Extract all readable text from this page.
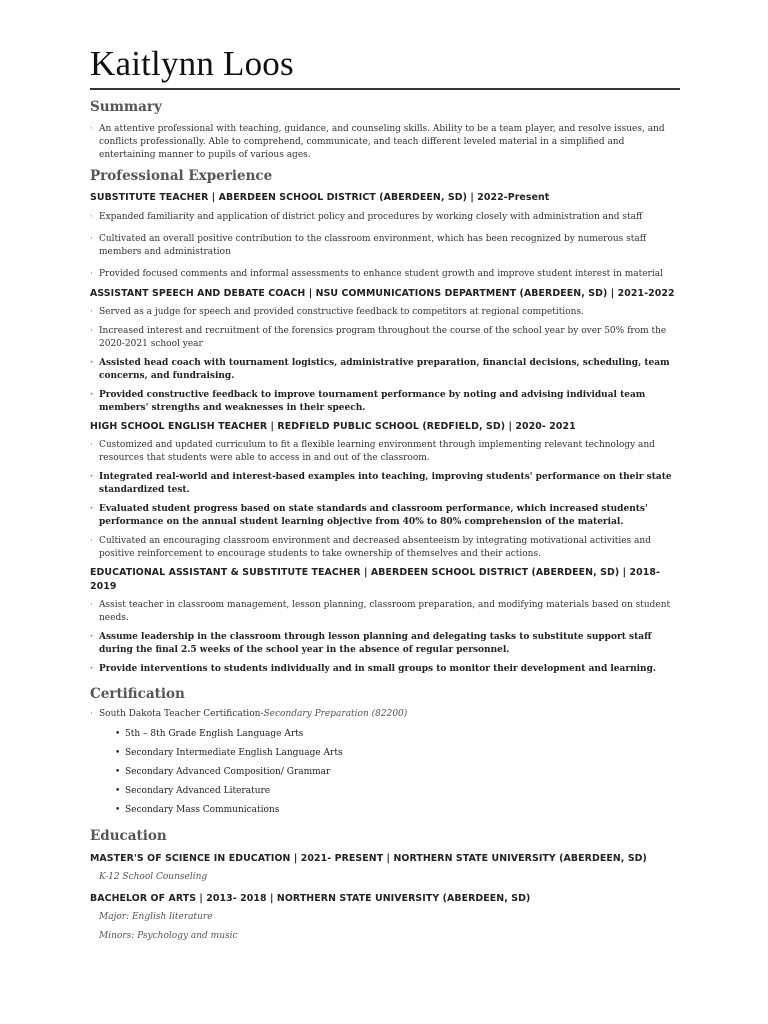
Kaitlynn Loos
Summary
· An attentive professional with teaching, guidance, and counseling skills. Ability to be a team player, and resolve issues, and conflicts professionally. Able to comprehend, communicate, and teach different leveled material in a simplified and entertaining manner to pupils of various ages.
Professional Experience
SUBSTITUTE TEACHER | ABERDEEN SCHOOL DISTRICT (ABERDEEN, SD) | 2022-Present
· Expanded familiarity and application of district policy and procedures by working closely with administration and staff
· Cultivated an overall positive contribution to the classroom environment, which has been recognized by numerous staff members and administration
· Provided focused comments and informal assessments to enhance student growth and improve student interest in material
ASSISTANT SPEECH AND DEBATE COACH | NSU COMMUNICATIONS DEPARTMENT (ABERDEEN, SD) | 2021-2022
· Served as a judge for speech and provided constructive feedback to competitors at regional competitions.
· Increased interest and recruitment of the forensics program throughout the course of the school year by over 50% from the 2020-2021 school year
· Assisted head coach with tournament logistics, administrative preparation, financial decisions, scheduling, team concerns, and fundraising.
· Provided constructive feedback to improve tournament performance by noting and advising individual team members' strengths and weaknesses in their speech.
HIGH SCHOOL ENGLISH TEACHER | REDFIELD PUBLIC SCHOOL (REDFIELD, SD) | 2020- 2021
· Customized and updated curriculum to fit a flexible learning environment through implementing relevant technology and resources that students were able to access in and out of the classroom.
· Integrated real-world and interest-based examples into teaching, improving students' performance on their state standardized test.
· Evaluated student progress based on state standards and classroom performance, which increased students' performance on the annual student learning objective from 40% to 80% comprehension of the material.
· Cultivated an encouraging classroom environment and decreased absenteeism by integrating motivational activities and positive reinforcement to encourage students to take ownership of themselves and their actions.
EDUCATIONAL ASSISTANT & SUBSTITUTE TEACHER | ABERDEEN SCHOOL DISTRICT (ABERDEEN, SD) | 2018- 2019
· Assist teacher in classroom management, lesson planning, classroom preparation, and modifying materials based on student needs.
· Assume leadership in the classroom through lesson planning and delegating tasks to substitute support staff during the final 2.5 weeks of the school year in the absence of regular personnel.
· Provide interventions to students individually and in small groups to monitor their development and learning.
Certification
· South Dakota Teacher Certification-Secondary Preparation (82200)
• 5th – 8th Grade English Language Arts
• Secondary Intermediate English Language Arts
• Secondary Advanced Composition/ Grammar
• Secondary Advanced Literature
• Secondary Mass Communications
Education
MASTER'S OF SCIENCE IN EDUCATION | 2021- PRESENT | NORTHERN STATE UNIVERSITY (ABERDEEN, SD)
K-12 School Counseling
BACHELOR OF ARTS | 2013- 2018 | NORTHERN STATE UNIVERSITY (ABERDEEN, SD)
Major: English literature
Minors: Psychology and music
